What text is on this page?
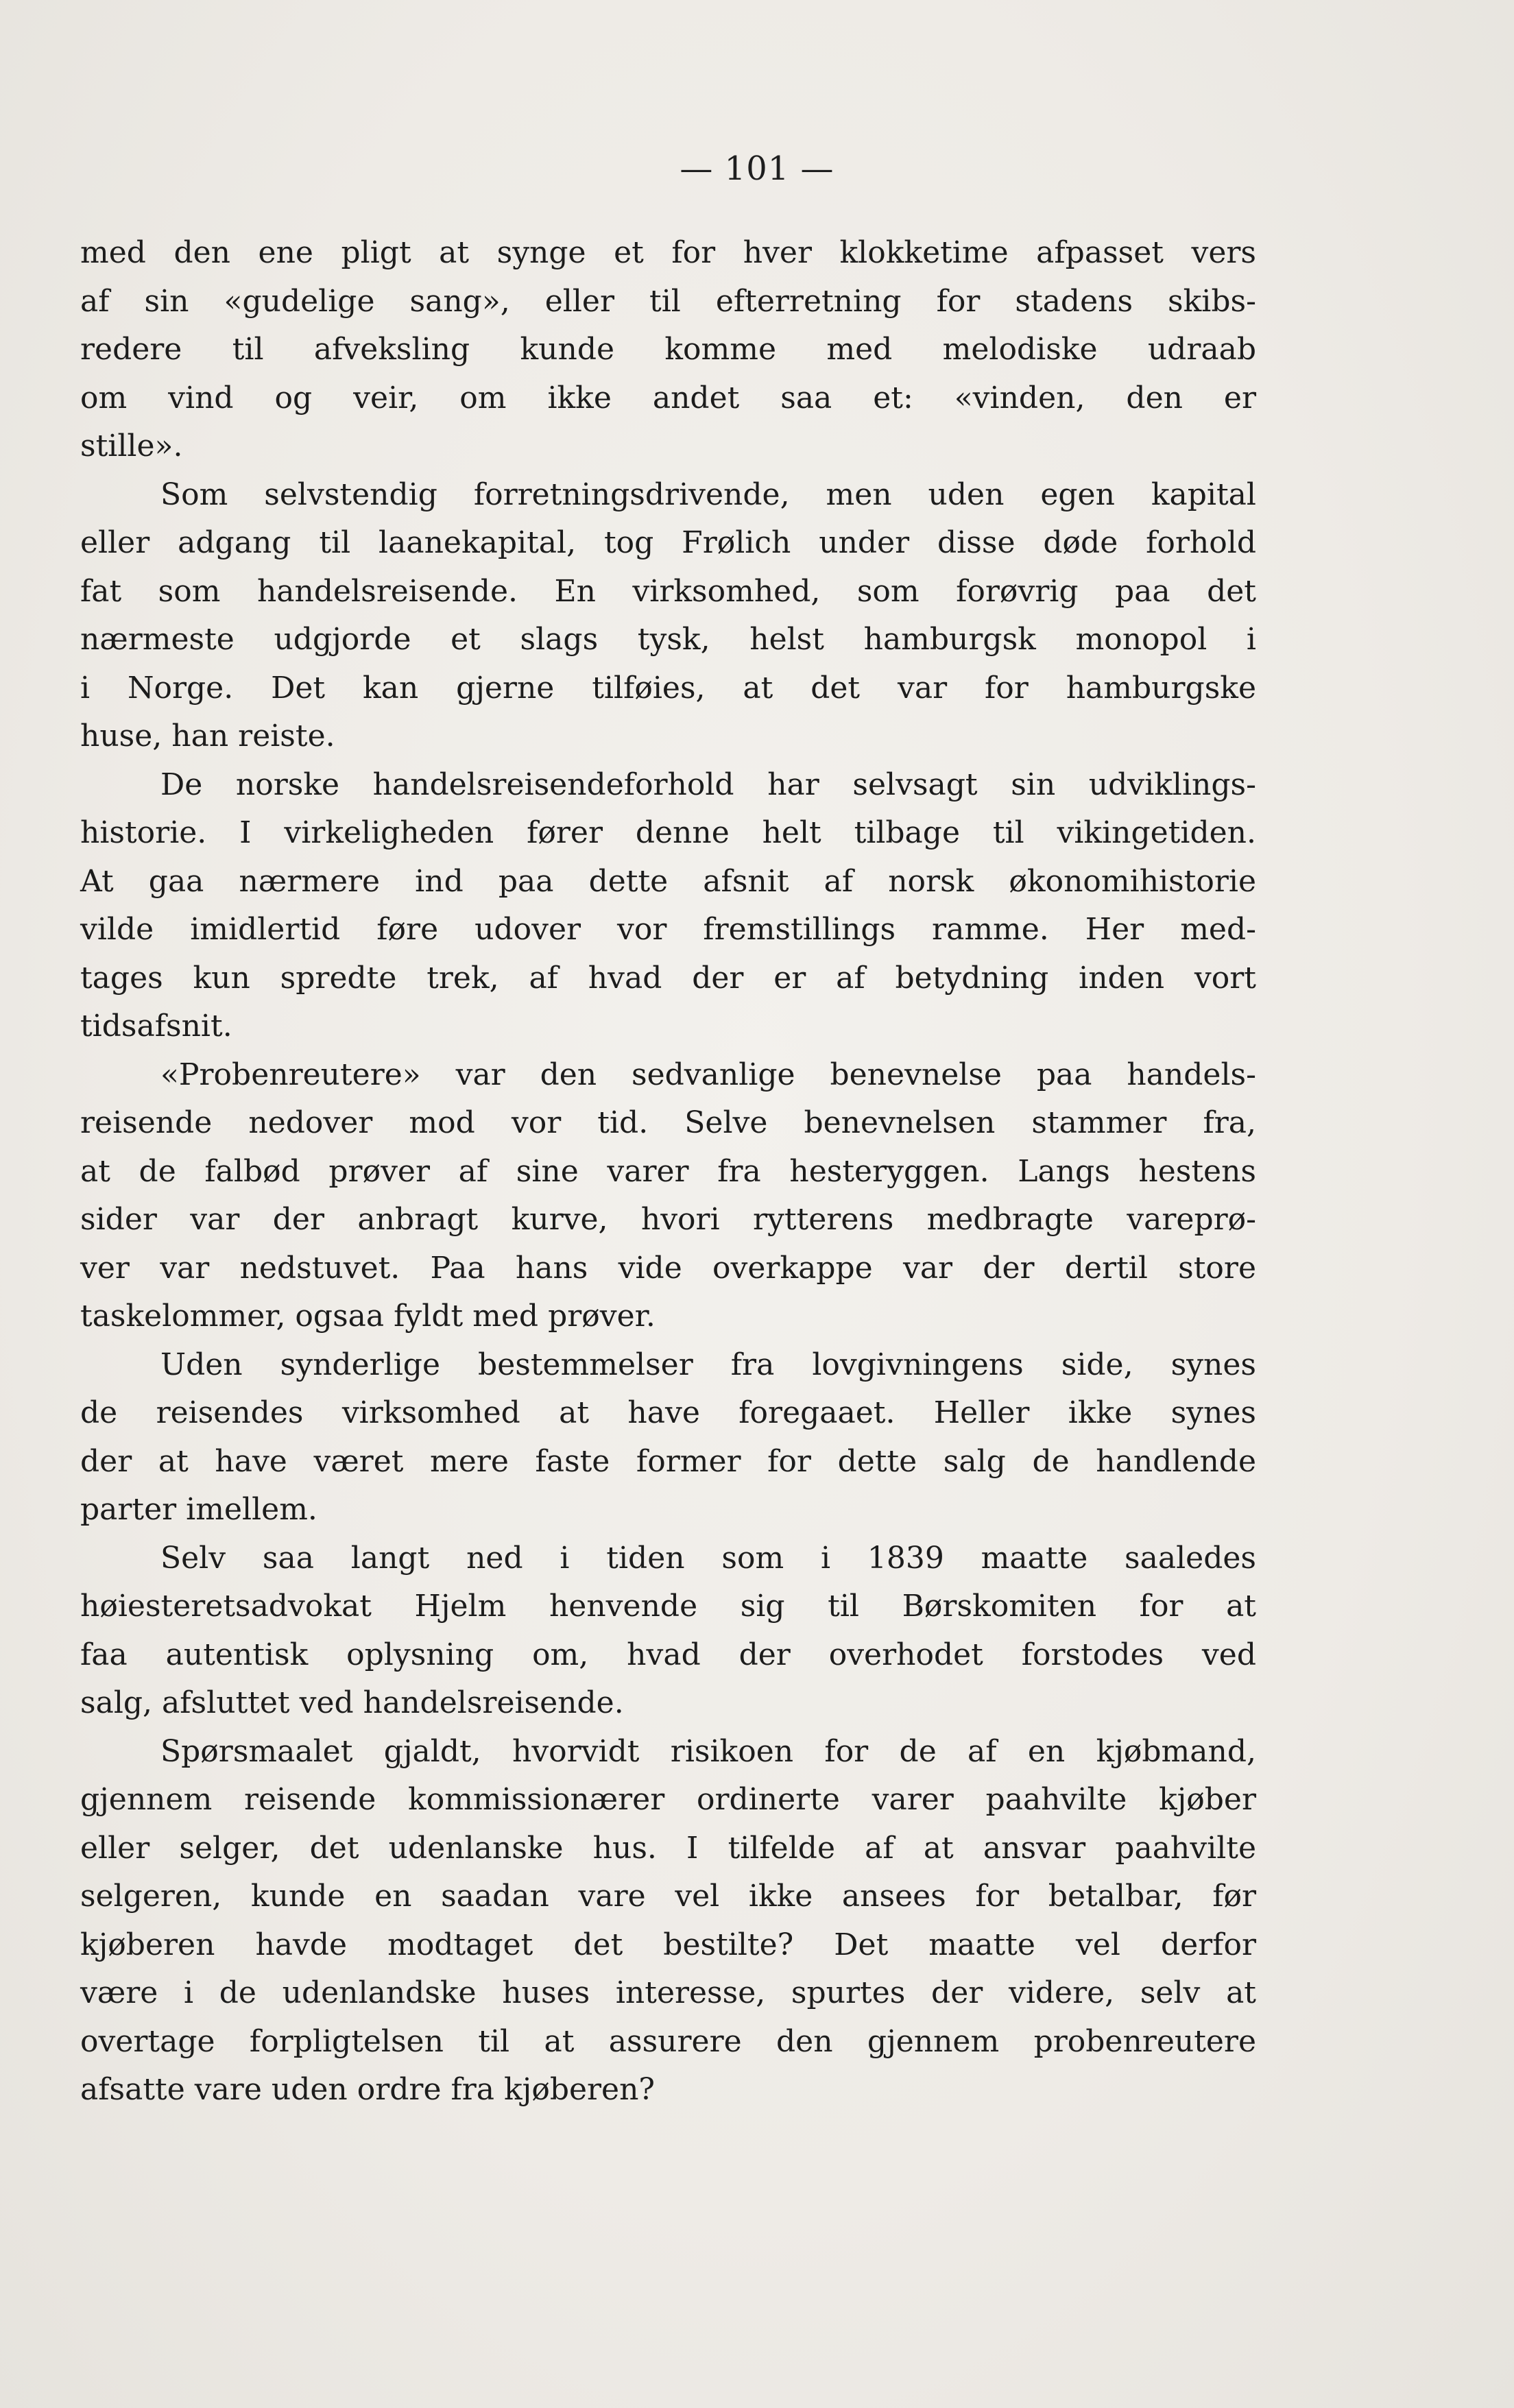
— 101 —
med den ene pligt at synge et for hver klokketime afpasset vers
af sin «gudelige sang», eller til efterretning for stadens skibs-
redere til afveksling kunde komme med melodiske udraab
om vind og veir, om ikke andet saa et: «vinden, den er
stille».
Som selvstendig forretningsdrivende, men uden egen kapital
eller adgang til laanekapital, tog Frølich under disse døde forhold
fat som handelsreisende. En virksomhed, som forøvrig paa det
nærmeste udgjorde et slags tysk, helst hamburgsk monopol i
i Norge. Det kan gjerne tilføies, at det var for hamburgske
huse, han reiste.
De norske handelsreisendeforhold har selvsagt sin udviklings-
historie. I virkeligheden fører denne helt tilbage til vikingetiden.
At gaa nærmere ind paa dette afsnit af norsk økonomihistorie
vilde imidlertid føre udover vor fremstillings ramme. Her med-
tages kun spredte trek, af hvad der er af betydning inden vort
tidsafsnit.
«Probenreutere» var den sedvanlige benevnelse paa handels-
reisende nedover mod vor tid. Selve benevnelsen stammer fra,
at de falbød prøver af sine varer fra hesteryggen. Langs hestens
sider var der anbragt kurve, hvori rytterens medbragte vareprø-
ver var nedstuvet. Paa hans vide overkappe var der dertil store
taskelommer, ogsaa fyldt med prøver.
Uden synderlige bestemmelser fra lovgivningens side, synes
de reisendes virksomhed at have foregaaet. Heller ikke synes
der at have været mere faste former for dette salg de handlende
parter imellem.
Selv saa langt ned i tiden som i 1839 maatte saaledes
høiesteretsadvokat Hjelm henvende sig til Børskomiten for at
faa autentisk oplysning om, hvad der overhodet forstodes ved
salg, afsluttet ved handelsreisende.
Spørsmaalet gjaldt, hvorvidt risikoen for de af en kjøbmand,
gjennem reisende kommissionærer ordinerte varer paahvilte kjøber
eller selger, det udenlanske hus. I tilfelde af at ansvar paahvilte
selgeren, kunde en saadan vare vel ikke ansees for betalbar, før
kjøberen havde modtaget det bestilte? Det maatte vel derfor
være i de udenlandske huses interesse, spurtes der videre, selv at
overtage forpligtelsen til at assurere den gjennem probenreutere
afsatte vare uden ordre fra kjøberen?
